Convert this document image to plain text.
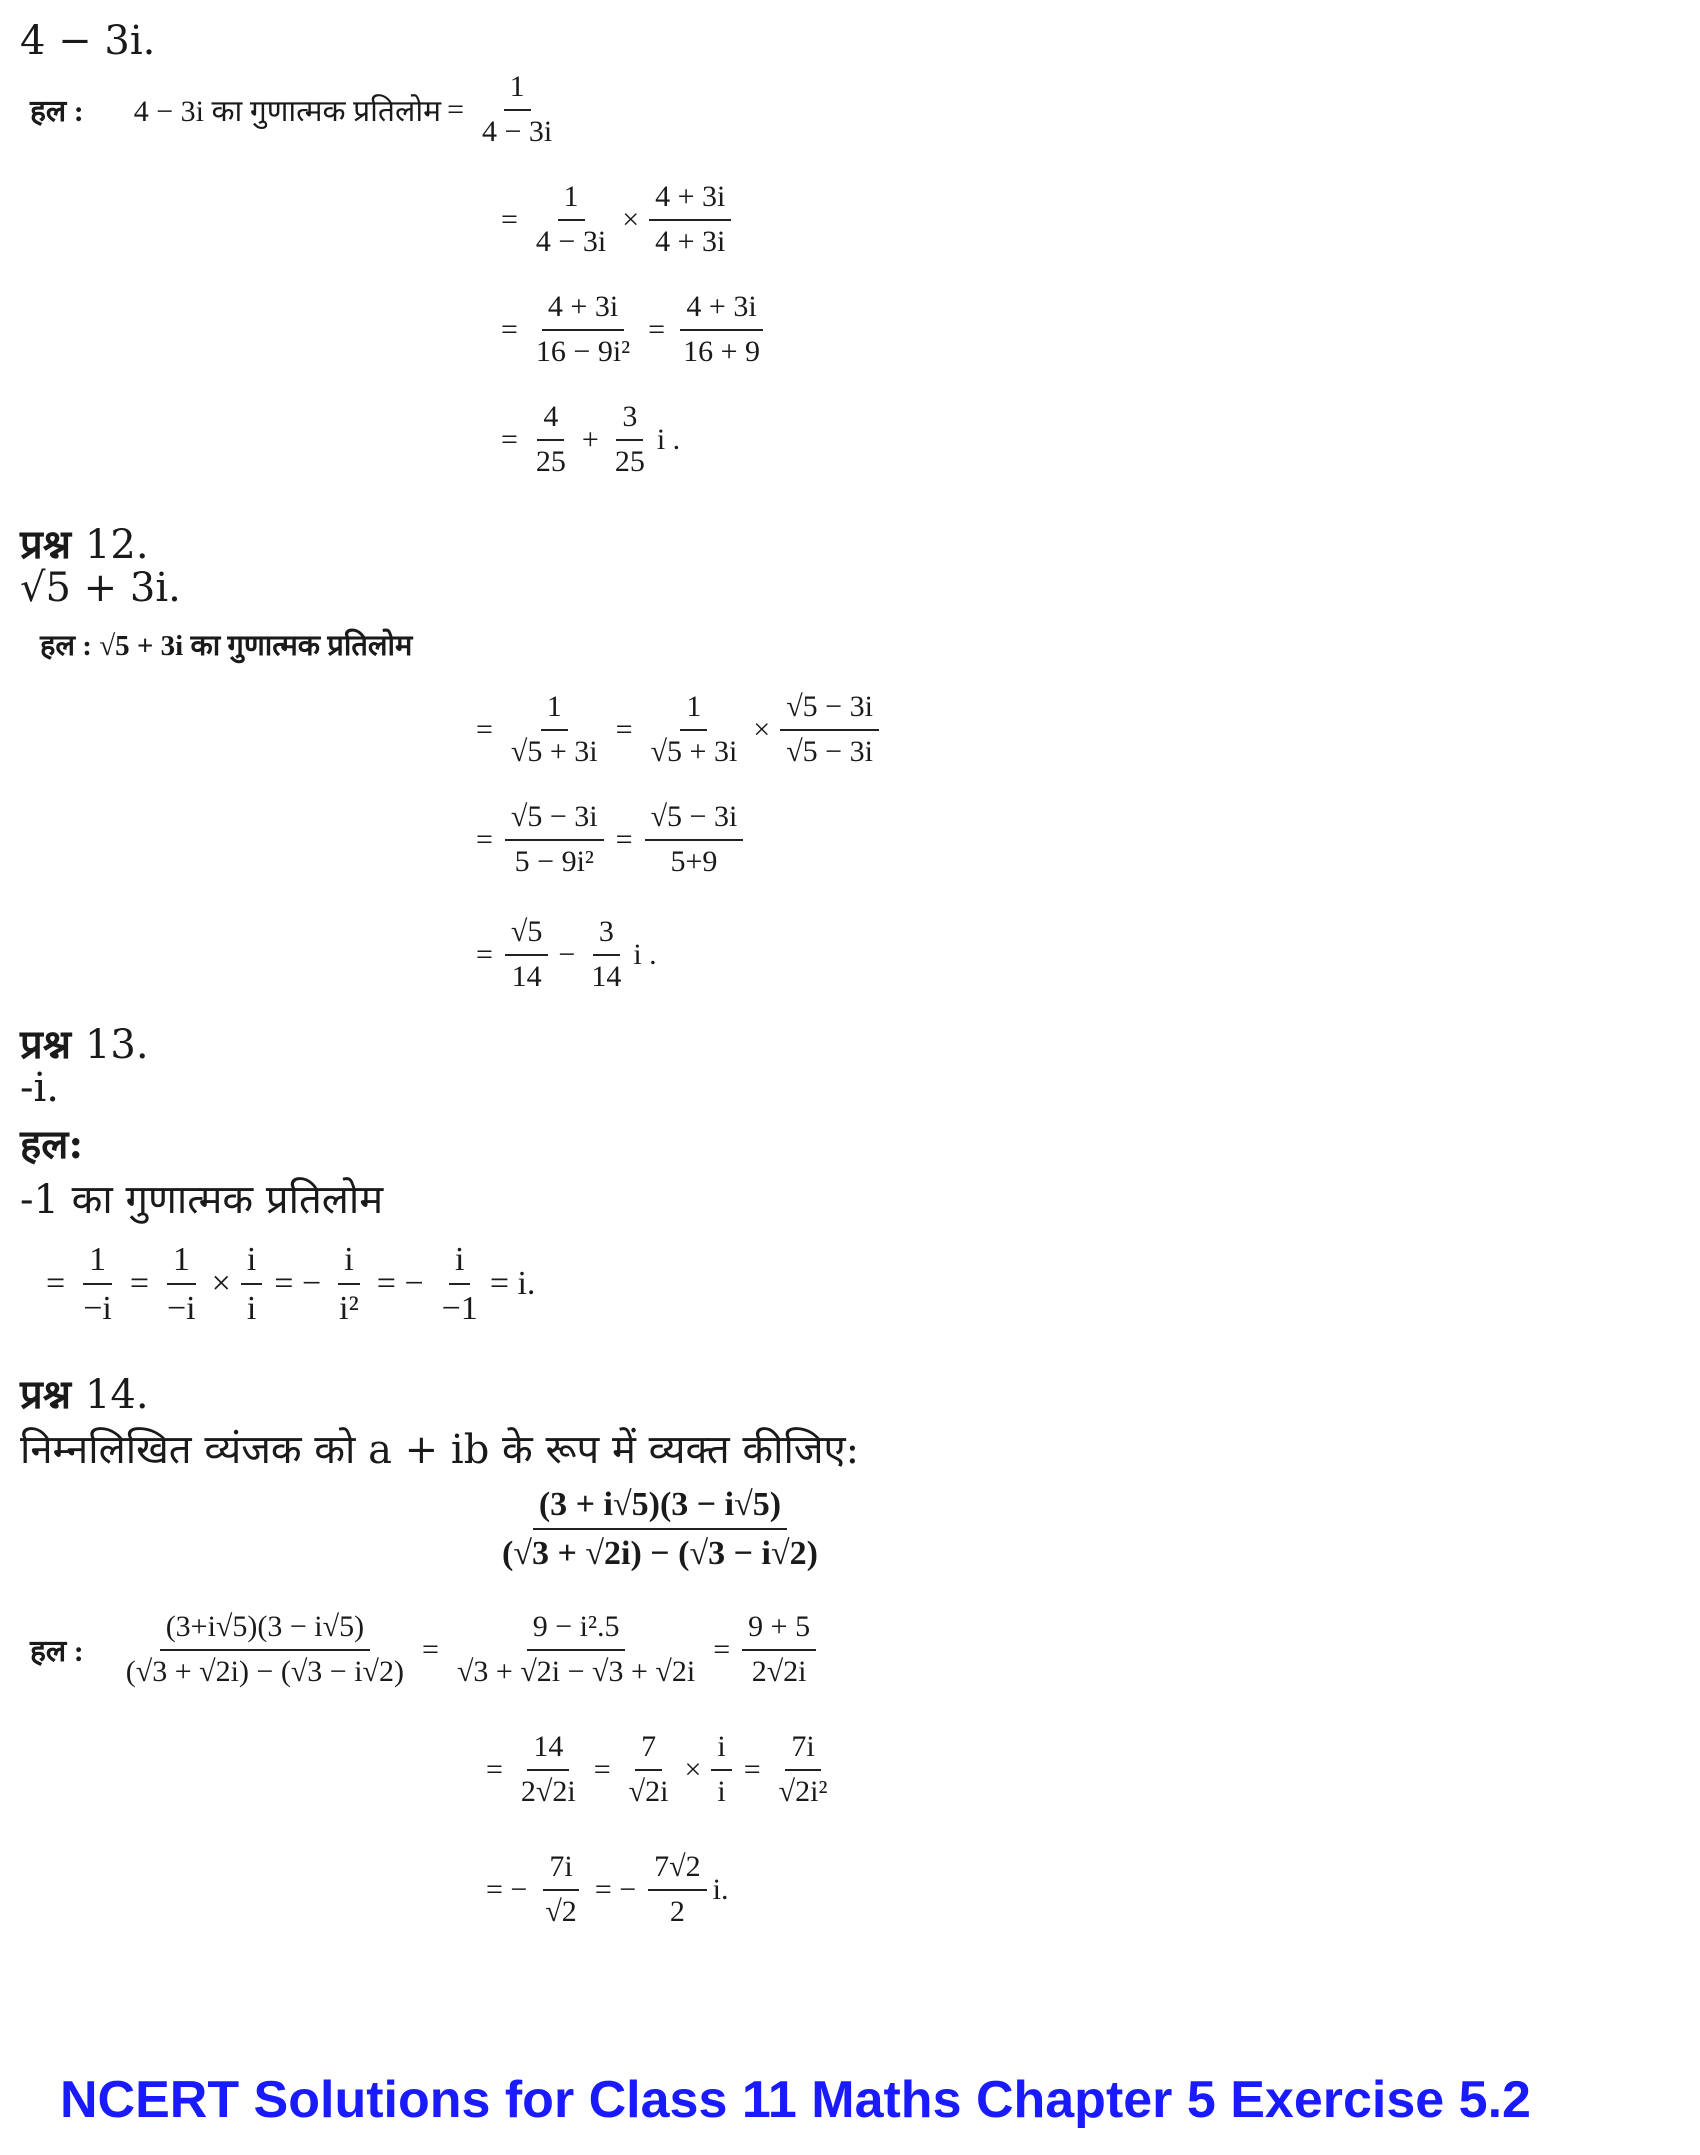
4 − 3i.
हल : 4 − 3i का गुणात्मक प्रतिलोम = $\frac{1}{4 - 3i}$
= $\frac{1}{4 - 3i} \times \frac{4 + 3i}{4 + 3i}$
= $\frac{4 + 3i}{\text{16 − 9i²}} = \frac{4 + 3i}{16 + 9}$
= $\frac{4}{25} + \frac{3}{25}$ i .
प्रश्न 12.
√5 + 3i.
हल : √5 + 3i का गुणात्मक प्रतिलोम
= $\frac{1}{√5 + 3i} = \frac{1}{√5 + 3i} \times \frac{√5 - 3i}{√5 - 3i}$
= $\frac{√5 - 3i}{\text{5 − 9i²}} = \frac{√5 - 3i}{5+9}$
= $\frac{√5}{14} - \frac{3}{14}$ i .
प्रश्न 13.
-i.
हल:
-1 का गुणात्मक प्रतिलोम
= $\frac{1}{-i} = \frac{1}{-i} \times \frac{i}{i}$ = − $\frac{i}{\text{i²}}$ = − $\frac{i}{-1} = i$.
प्रश्न 14.
निम्नलिखित व्यंजक को a + ib के रूप में व्यक्त कीजिए:
$\frac{(3 + i√5)(3 - i√5)}{(√3 + √2i) - (√3 - i√2)}$
हल : $\frac{(3+i√5)(3 - i√5)}{(√3 + √2i) - (√3 - i√2)} = \frac{\text{9 − i².5}}{√3 + √2i - √3 + √2i} = \frac{9 + 5}{2√2i}$
= $\frac{14}{2√2i} = \frac{7}{√2i} \times \frac{i}{i} = \frac{7i}{\text{√2i²}}$
= − $\frac{7i}{√2}$ = − $\frac{7√2}{2} i$.
NCERT Solutions for Class 11 Maths Chapter 5 Exercise 5.2
